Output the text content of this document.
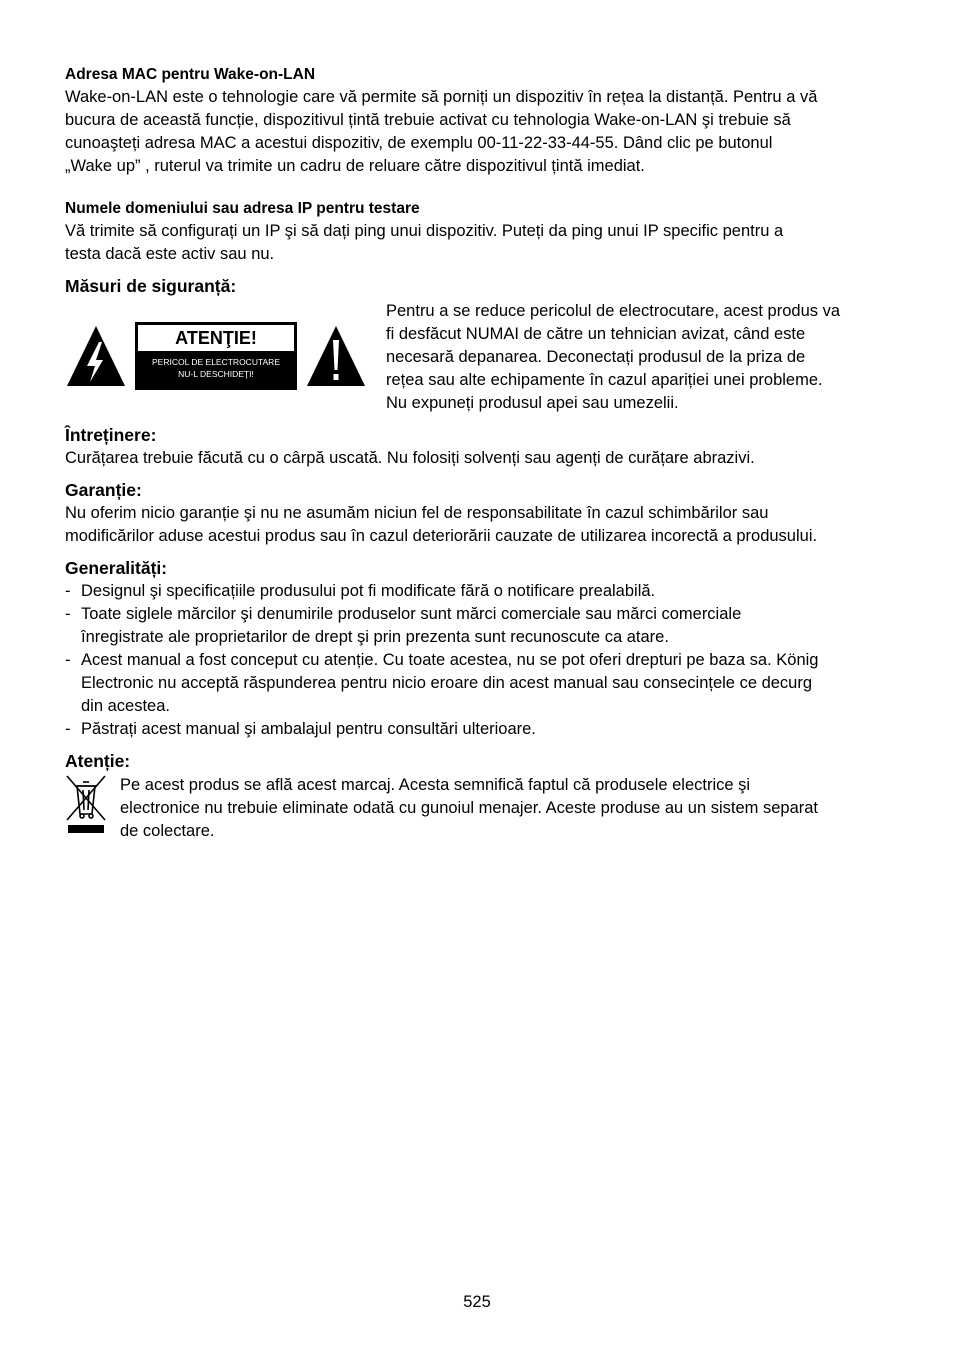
Adresa MAC pentru Wake-on-LAN

Wake-on-LAN este o tehnologie care vă permite să porniți un dispozitiv în rețea la distanță. Pentru a vă

bucura de această funcție, dispozitivul țintă trebuie activat cu tehnologia Wake-on-LAN şi trebuie să

cunoaşteți adresa MAC a acestui dispozitiv, de exemplu 00-11-22-33-44-55. Dând clic pe butonul

„Wake up” , ruterul va trimite un cadru de reluare către dispozitivul țintă imediat.

Numele domeniului sau adresa IP pentru testare

Vă trimite să configurați un IP şi să dați ping unui dispozitiv. Puteți da ping unui IP specific pentru a

testa dacă este activ sau nu.

Măsuri de siguranță:

ATENŢIE!
PERICOL DE ELECTROCUTARE
NU-L DESCHIDEŢI!

Pentru a se reduce pericolul de electrocutare, acest produs va

fi desfăcut NUMAI de către un tehnician avizat, când este

necesară depanarea. Deconectați produsul de la priza de

rețea sau alte echipamente în cazul apariției unei probleme.

Nu expuneți produsul apei sau umezelii.

Întreținere:

Curățarea trebuie făcută cu o cârpă uscată. Nu folosiți solvenți sau agenți de curățare abrazivi.

Garanție:

Nu oferim nicio garanție şi nu ne asumăm niciun fel de responsabilitate în cazul schimbărilor sau

modificărilor aduse acestui produs sau în cazul deteriorării cauzate de utilizarea incorectă a produsului.

Generalități:

- Designul şi specificațiile produsului pot fi modificate fără o notificare prealabilă.
- Toate siglele mărcilor şi denumirile produselor sunt mărci comerciale sau mărci comerciale
înregistrate ale proprietarilor de drept şi prin prezenta sunt recunoscute ca atare.
- Acest manual a fost conceput cu atenție. Cu toate acestea, nu se pot oferi drepturi pe baza sa. König
Electronic nu acceptă răspunderea pentru nicio eroare din acest manual sau consecințele ce decurg
din acestea.
- Păstrați acest manual şi ambalajul pentru consultări ulterioare.

Atenție:

Pe acest produs se află acest marcaj. Acesta semnifică faptul că produsele electrice şi

electronice nu trebuie eliminate odată cu gunoiul menajer. Aceste produse au un sistem separat

de colectare.

525
